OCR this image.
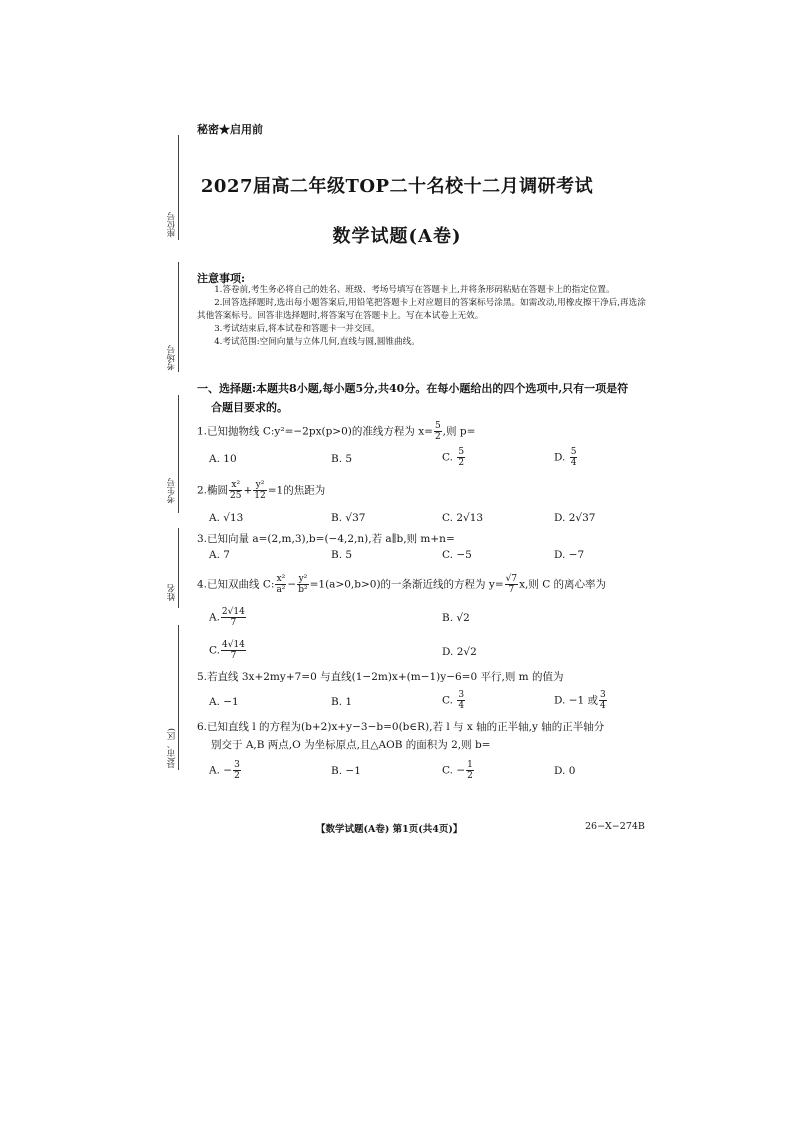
座位号
考场号
考生号
姓名
县(市、区)
秘密★启用前
2027届高二年级TOP二十名校十二月调研考试
数学试题(A卷)
注意事项:

1.答卷前,考生务必将自己的姓名、班级、考场号填写在答题卡上,并将条形码粘贴在答题卡上的指定位置。

2.回答选择题时,选出每小题答案后,用铅笔把答题卡上对应题目的答案标号涂黑。如需改动,用橡皮擦干净后,再选涂其他答案标号。回答非选择题时,将答案写在答题卡上。写在本试卷上无效。

3.考试结束后,将本试卷和答题卡一并交回。

4.考试范围:空间向量与立体几何,直线与圆,圆锥曲线。

一、选择题:本题共8小题,每小题5分,共40分。在每小题给出的四个选项中,只有一项是符
合题目要求的。
1.已知抛物线 C:y²=−2px(p>0)的准线方程为 $x= \frac{5}{2}$ ,则 p=
A. 10	B. 5	C. $\frac{5}{2}$	D. $\frac{5}{4}$
2.椭圆 $\frac{\text{x²}}{25} + \frac{\text{y²}}{12} =1$的焦距为
A. √13	B. √37	C. 2√13	D. 2√37
3.已知向量 a=(2,m,3),b=(−4,2,n),若 a∥b,则 m+n=
A. 7	B. 5	C. −5	D. −7
4.已知双曲线 C: $\frac{\text{x²}}{\text{a²}} - \frac{\text{y²}}{\text{b²}} =1(a>0,b>0)$的一条渐近线的方程为 $y= \frac{√7}{7} x$,则 C 的离心率为
A. $\frac{2√14}{7}$	B. √2
C. $\frac{4√14}{7}$	D. 2√2
5.若直线 3x+2my+7=0 与直线(1−2m)x+(m−1)y−6=0 平行,则 m 的值为
A. −1	B. 1	C. $\frac{3}{4}$	D. −1 或 $\frac{3}{4}$
6.已知直线 l 的方程为(b+2)x+y−3−b=0(b∈R),若 l 与 x 轴的正半轴,y 轴的正半轴分
别交于 A,B 两点,O 为坐标原点,且△AOB 的面积为 2,则 b=
A. − $\frac{3}{2}$	B. −1	C. − $\frac{1}{2}$	D. 0
【数学试题(A卷) 第1页(共4页)】	26−X−274B
